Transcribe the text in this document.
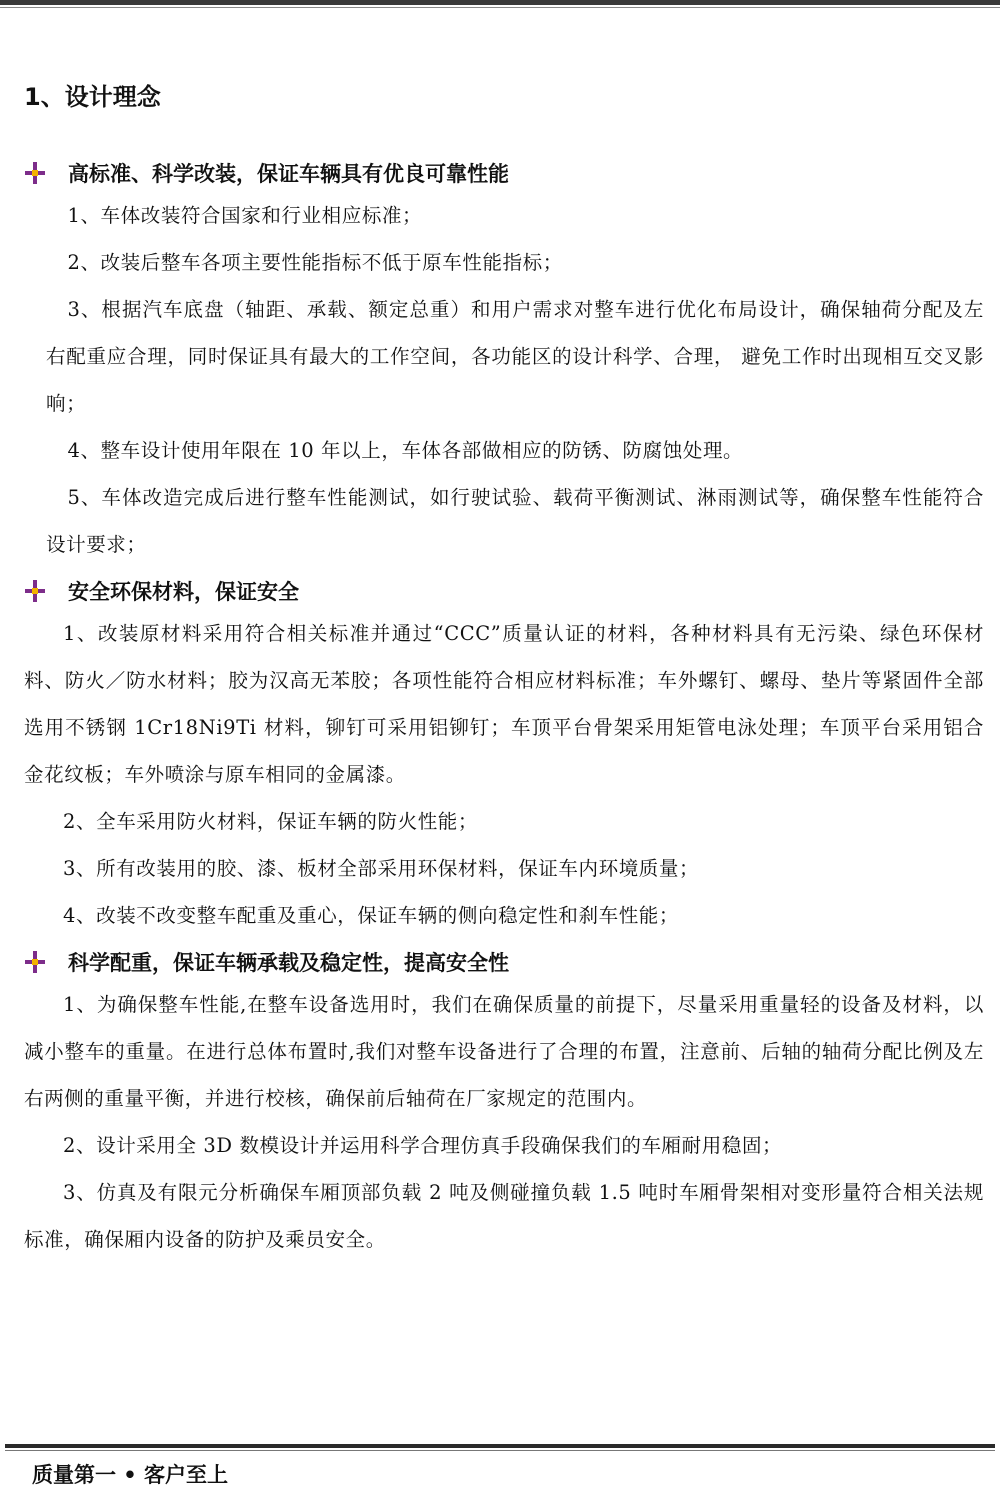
1、设计理念
高标准、科学改装，保证车辆具有优良可靠性能

1、车体改装符合国家和行业相应标准；

2、改装后整车各项主要性能指标不低于原车性能指标；

3、根据汽车底盘（轴距、承载、额定总重）和用户需求对整车进行优化布局设计，确保轴荷分配及左右配重应合理，同时保证具有最大的工作空间，各功能区的设计科学、合理， 避免工作时出现相互交叉影响；

4、整车设计使用年限在 10 年以上，车体各部做相应的防锈、防腐蚀处理。

5、车体改造完成后进行整车性能测试，如行驶试验、载荷平衡测试、淋雨测试等，确保整车性能符合设计要求；

安全环保材料，保证安全

1、改装原材料采用符合相关标准并通过“CCC”质量认证的材料，各种材料具有无污染、绿色环保材料、防火／防水材料；胶为汉高无苯胶；各项性能符合相应材料标准；车外螺钉、螺母、垫片等紧固件全部选用不锈钢 1Cr18Ni9Ti 材料，铆钉可采用铝铆钉；车顶平台骨架采用矩管电泳处理；车顶平台采用铝合金花纹板；车外喷涂与原车相同的金属漆。

2、全车采用防火材料，保证车辆的防火性能；

3、所有改装用的胶、漆、板材全部采用环保材料，保证车内环境质量；

4、改装不改变整车配重及重心，保证车辆的侧向稳定性和刹车性能；

科学配重，保证车辆承载及稳定性，提高安全性

1、为确保整车性能,在整车设备选用时，我们在确保质量的前提下，尽量采用重量轻的设备及材料，以减小整车的重量。在进行总体布置时,我们对整车设备进行了合理的布置，注意前、后轴的轴荷分配比例及左右两侧的重量平衡，并进行校核，确保前后轴荷在厂家规定的范围内。

2、设计采用全 3D 数模设计并运用科学合理仿真手段确保我们的车厢耐用稳固；

3、仿真及有限元分析确保车厢顶部负载 2 吨及侧碰撞负载 1.5 吨时车厢骨架相对变形量符合相关法规标准，确保厢内设备的防护及乘员安全。

质量第一 • 客户至上
